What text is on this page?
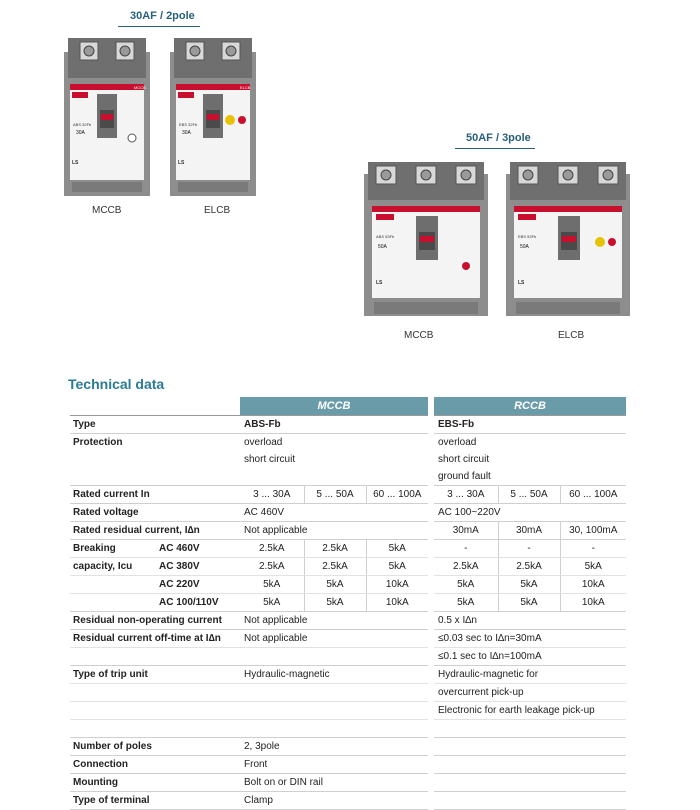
30AF / 2pole
50AF / 3pole
MCCB
ABS 32Fb
30A
LS
ELCB
EBS 32Fb
30A
LS
MCCB	ELCB
ABS 53Fb
50A
LS
EBS 53Fb
50A
LS
MCCB	ELCB
Technical data
		MCCB				RCCB		
Type		ABS-Fb				EBS-Fb		
Protection		overload				overload		
		short circuit				short circuit		
						ground fault		
Rated current In		3 ... 30A	5 ... 50A	60 ... 100A		3 ... 30A	5 ... 50A	60 ... 100A
Rated voltage		AC 460V				AC 100~220V		
Rated residual current, I∆n		Not applicable				30mA	30mA	30, 100mA
Breaking	AC 460V	2.5kA	2.5kA	5kA		-	-	-
capacity, Icu	AC 380V	2.5kA	2.5kA	5kA		2.5kA	2.5kA	5kA
	AC 220V	5kA	5kA	10kA		5kA	5kA	10kA
	AC 100/110V	5kA	5kA	10kA		5kA	5kA	10kA
Residual non-operating current		Not applicable				0.5 x I∆n		
Residual current off-time at I∆n		Not applicable				≤0.03 sec to I∆n=30mA		
						≤0.1 sec to I∆n=100mA		
Type of trip unit		Hydraulic-magnetic				Hydraulic-magnetic for		
						overcurrent pick-up		
						Electronic for earth leakage pick-up		

Number of poles		2, 3pole						
Connection		Front						
Mounting		Bolt on or DIN rail						
Type of terminal		Clamp						
